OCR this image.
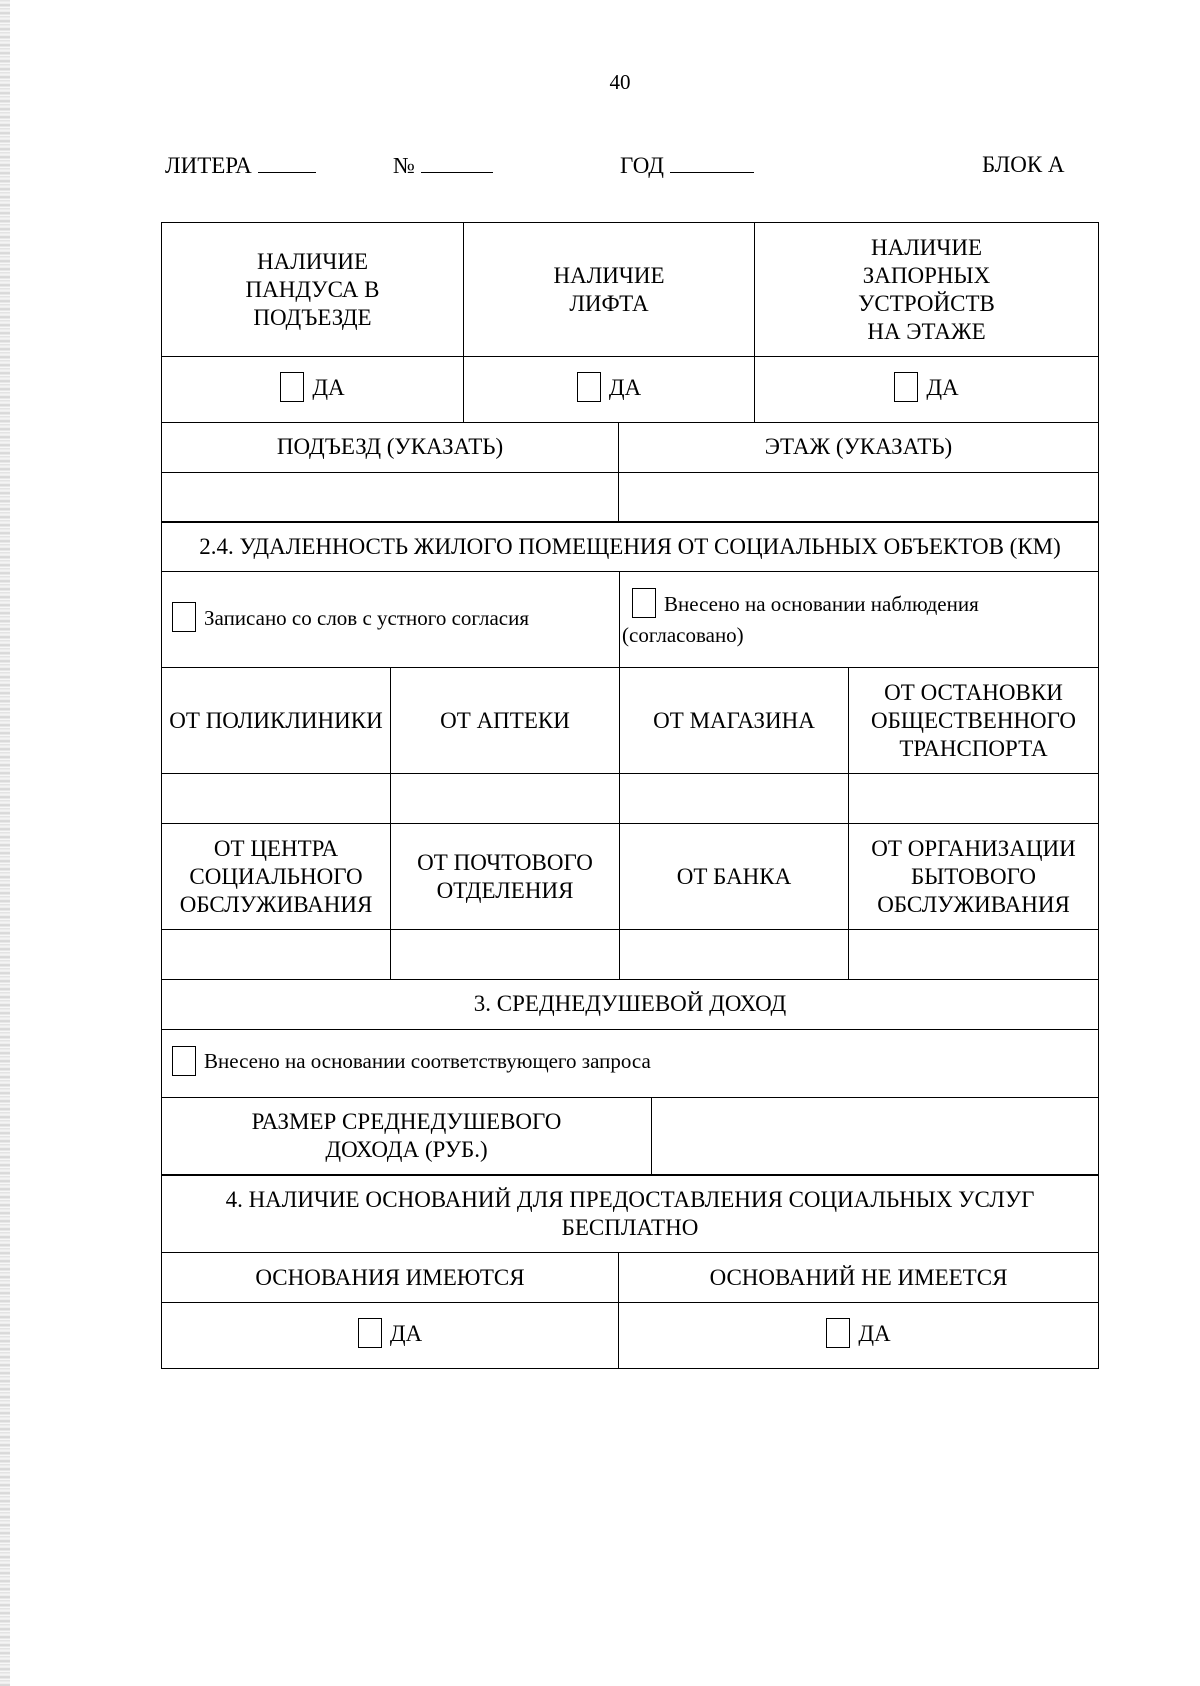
40
ЛИТЕРА	№	ГОД	БЛОК А
НАЛИЧИЕ ПАНДУСА В ПОДЪЕЗДЕ	НАЛИЧИЕ ЛИФТА	НАЛИЧИЕ ЗАПОРНЫХ УСТРОЙСТВ НА ЭТАЖЕ

ДА	ДА	ДА
ПОДЪЕЗД (УКАЗАТЬ)	ЭТАЖ (УКАЗАТЬ)

2.4. УДАЛЕННОСТЬ ЖИЛОГО ПОМЕЩЕНИЯ ОТ СОЦИАЛЬНЫХ ОБЪЕКТОВ (КМ)			
Записано со слов с устного согласия		Внесено на основании наблюдения (согласовано)	
ОТ ПОЛИКЛИНИКИ	ОТ АПТЕКИ	ОТ МАГАЗИНА	ОТ ОСТАНОВКИ ОБЩЕСТВЕННОГО ТРАНСПОРТА

ОТ ЦЕНТРА СОЦИАЛЬНОГО ОБСЛУЖИВАНИЯ	ОТ ПОЧТОВОГО ОТДЕЛЕНИЯ	ОТ БАНКА	ОТ ОРГАНИЗАЦИИ БЫТОВОГО ОБСЛУЖИВАНИЯ

3. СРЕДНЕДУШЕВОЙ ДОХОД
Внесено на основании соответствующего запроса

РАЗМЕР СРЕДНЕДУШЕВОГО ДОХОДА (РУБ.)

4. НАЛИЧИЕ ОСНОВАНИЙ ДЛЯ ПРЕДОСТАВЛЕНИЯ СОЦИАЛЬНЫХ УСЛУГ БЕСПЛАТНО	

ОСНОВАНИЯ ИМЕЮТСЯ	ОСНОВАНИЙ НЕ ИМЕЕТСЯ
ДА	ДА
